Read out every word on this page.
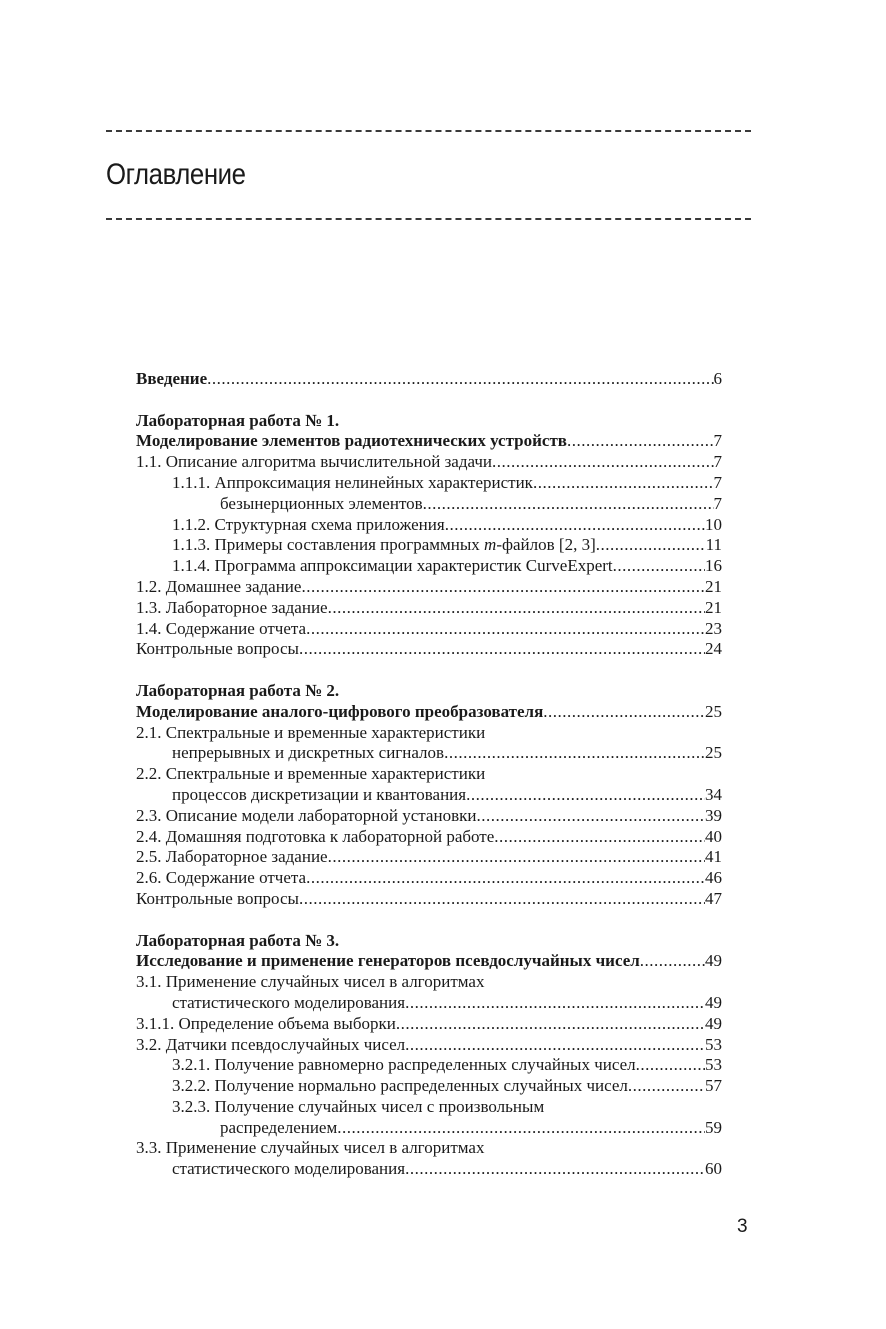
Оглавление
Введение .....	6
Лабораторная работа № 1.
Моделирование элементов радиотехнических устройств .....	7
1.1. Описание алгоритма вычислительной задачи .....	7
1.1.1. Аппроксимация нелинейных характеристик .....	7
безынерционных элементов .....	7
1.1.2. Структурная схема приложения .....	10
1.1.3. Примеры составления программных m-файлов [2, 3] .....	11
1.1.4. Программа аппроксимации характеристик CurveExpert .....	16
1.2. Домашнее задание .....	21
1.3. Лабораторное задание .....	21
1.4. Содержание отчета .....	23
Контрольные вопросы .....	24
Лабораторная работа № 2.
Моделирование аналого-цифрового преобразователя .....	25
2.1. Спектральные и временные характеристики
непрерывных и дискретных сигналов .....	25
2.2. Спектральные и временные характеристики
процессов дискретизации и квантования .....	34
2.3. Описание модели лабораторной установки .....	39
2.4. Домашняя подготовка к лабораторной работе .....	40
2.5. Лабораторное задание .....	41
2.6. Содержание отчета .....	46
Контрольные вопросы .....	47
Лабораторная работа № 3.
Исследование и применение генераторов псевдослучайных чисел .....	49
3.1. Применение случайных чисел в алгоритмах
статистического моделирования .....	49
3.1.1. Определение объема выборки .....	49
3.2. Датчики псевдослучайных чисел .....	53
3.2.1. Получение равномерно распределенных случайных чисел .....	53
3.2.2. Получение нормально распределенных случайных чисел .....	57
3.2.3. Получение случайных чисел с произвольным
распределением .....	59
3.3. Применение случайных чисел в алгоритмах
статистического моделирования .....	60
3
